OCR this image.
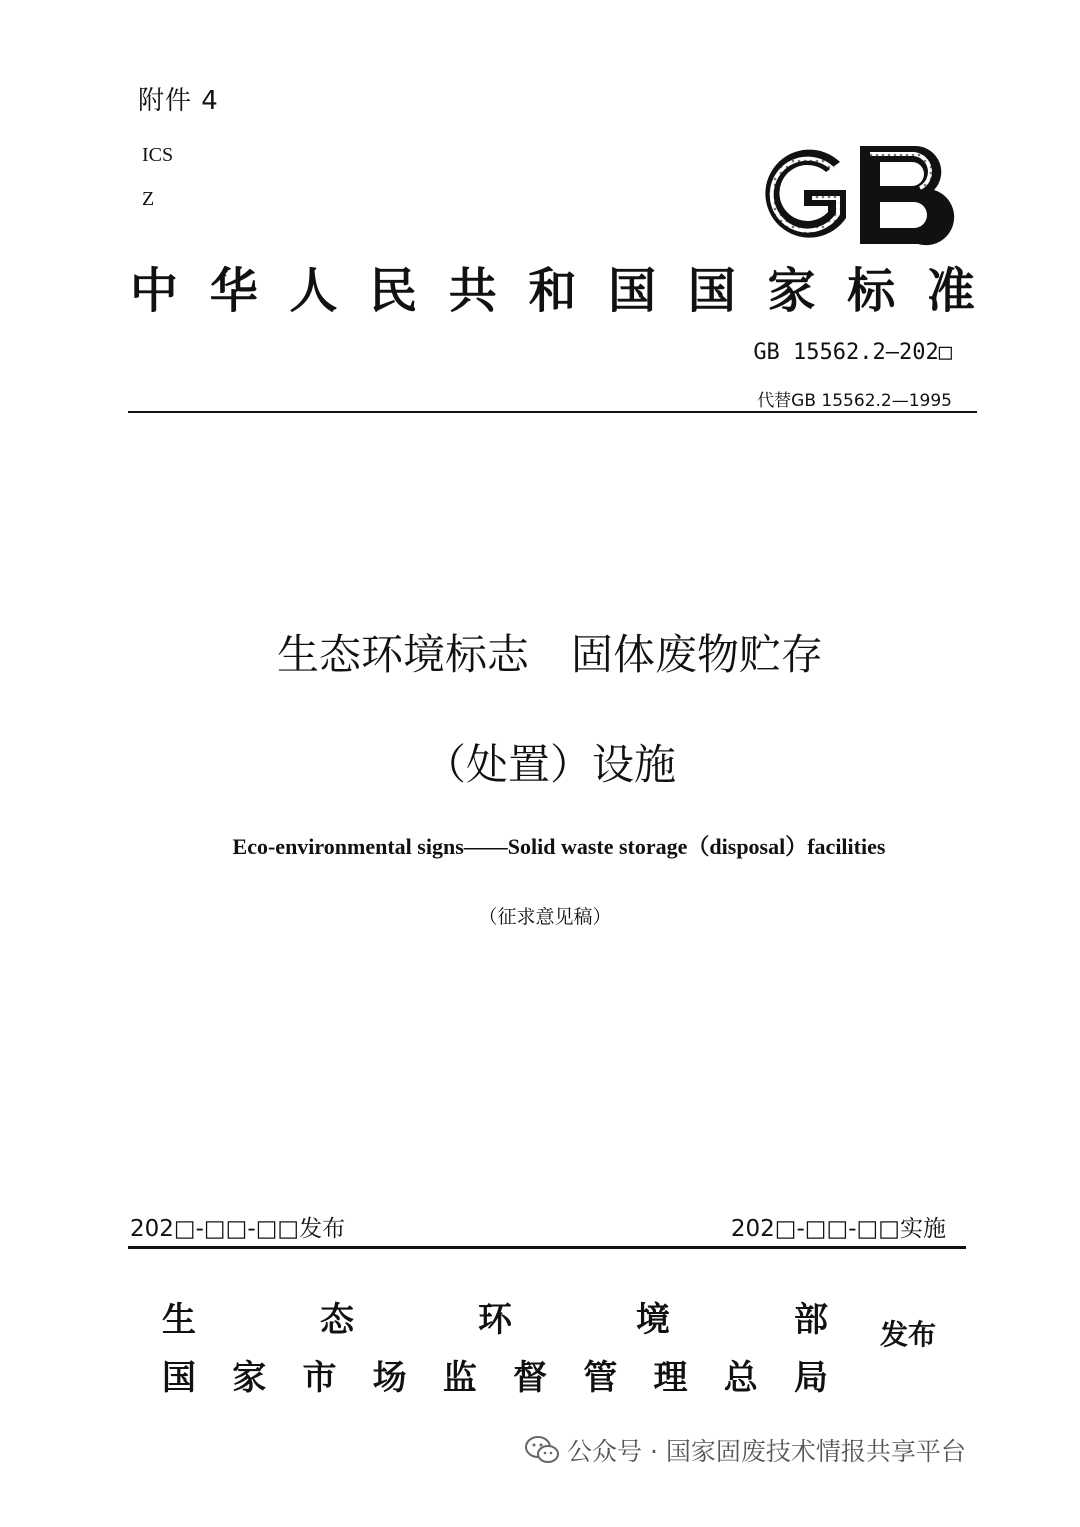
附件 4
ICS
Z
中 华 人 民 共 和 国 国 家 标 准
GB 15562.2—202□
代替GB 15562.2—1995
生态环境标志　固体废物贮存
（处置）设施
Eco-environmental signs——Solid waste storage（disposal）facilities
（征求意见稿）
202□-□□-□□发布	202□-□□-□□实施
生	态	环	境	部
国 家 市 场 监 督 管 理 总 局
发布
公众号 · 国家固废技术情报共享平台
